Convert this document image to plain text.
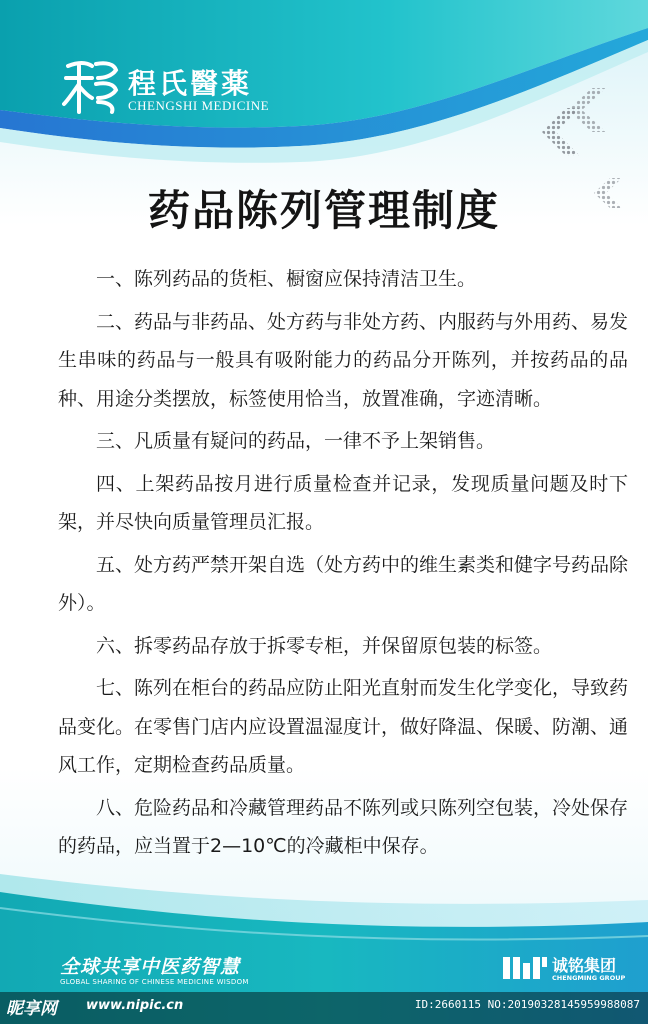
程氏醫薬
CHENGSHI MEDICINE
药品陈列管理制度

一、陈列药品的货柜、橱窗应保持清洁卫生。

二、药品与非药品、处方药与非处方药、内服药与外用药、易发生串味的药品与一般具有吸附能力的药品分开陈列，并按药品的品种、用途分类摆放，标签使用恰当，放置准确，字迹清晰。

三、凡质量有疑问的药品，一律不予上架销售。

四、上架药品按月进行质量检查并记录，发现质量问题及时下架，并尽快向质量管理员汇报。

五、处方药严禁开架自选（处方药中的维生素类和健字号药品除外）。

六、拆零药品存放于拆零专柜，并保留原包装的标签。

七、陈列在柜台的药品应防止阳光直射而发生化学变化，导致药品变化。在零售门店内应设置温湿度计，做好降温、保暖、防潮、通风工作，定期检查药品质量。

八、危险药品和冷藏管理药品不陈列或只陈列空包装，冷处保存的药品，应当置于2—10℃的冷藏柜中保存。

全球共享中医药智慧
GLOBAL SHARING OF CHINESE MEDICINE WISDOM
诚铭集团
CHENGMING GROUP
昵享网 www.nipic.cn	ID:2660115 NO:20190328145959988087
